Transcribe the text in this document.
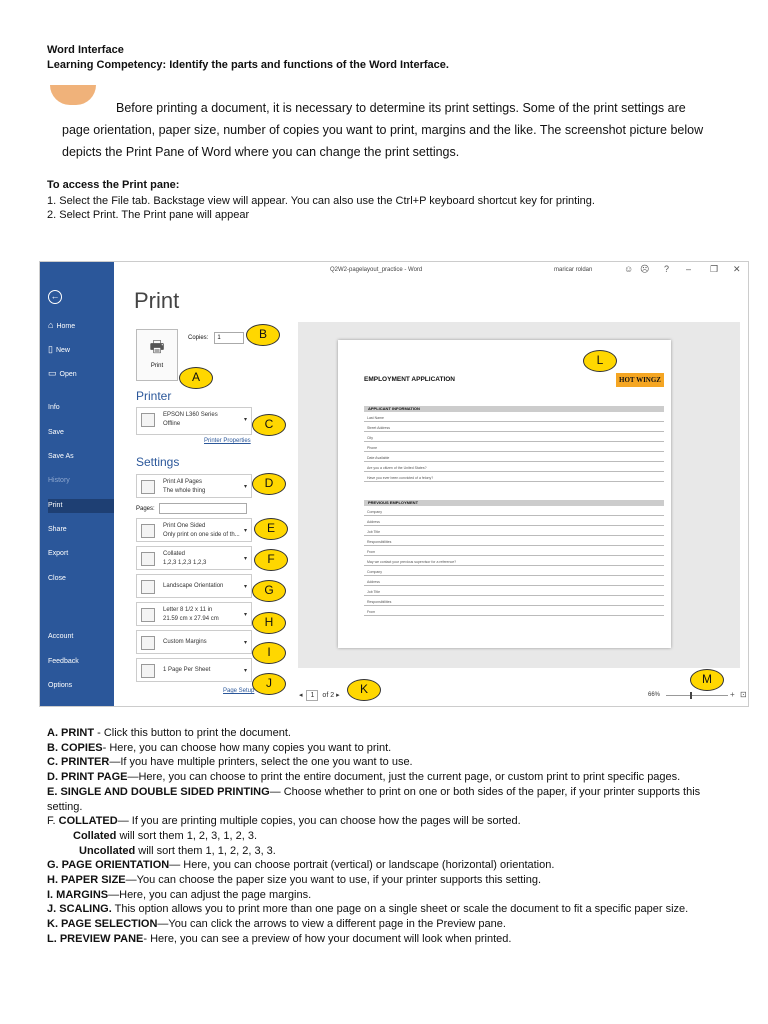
Word Interface
Learning Competency: Identify the parts and functions of the Word Interface.
Before printing a document, it is necessary to determine its print settings. Some of the print settings are page orientation, paper size, number of copies you want to print, margins and the like. The screenshot picture below depicts the Print Pane of Word where you can change the print settings.
To access the Print pane:
1. Select the File tab. Backstage view will appear. You can also use the Ctrl+P keyboard shortcut key for printing.
2. Select Print. The Print pane will appear
←
⌂ Home
▯ New
▭ Open
Info
Save
Save As
History
Print
Share
Export
Close
Account
Feedback
Options
Q2W2-pagelayout_practice - Word	maricar roldan	☺ ☹ ? – ❐ ✕
Print
🖶
Print
Copies: 1
Printer
EPSON L360 Series
Offline
▾
Printer Properties
Settings
Print All Pages
The whole thing
▾
Pages:
Print One Sided
Only print on one side of th...
▾
Collated
1,2,3 1,2,3 1,2,3
▾
Landscape Orientation	▾
Letter 8 1/2 x 11 in
21.59 cm x 27.94 cm
▾
Custom Margins	▾
1 Page Per Sheet	▾
Page Setup
EMPLOYMENT APPLICATION	HOT WINGZ
APPLICANT INFORMATION
Last Name
Street Address
City
Phone
Date Available
Are you a citizen of the United States?
Have you ever been convicted of a felony?
PREVIOUS EMPLOYMENT
Company
Address
Job Title
Responsibilities
From
May we contact your previous supervisor for a reference?
Company
Address
Job Title
Responsibilities
From
◂ 1 of 2 ▸	66%	+ ⊡
A
B
C
D
E
F
G
H
I
J	K
L
M
A. PRINT - Click this button to print the document.
B. COPIES- Here, you can choose how many copies you want to print.
C. PRINTER—If you have multiple printers, select the one you want to use.
D. PRINT PAGE—Here, you can choose to print the entire document, just the current page, or custom print to print specific pages.
E. SINGLE AND DOUBLE SIDED PRINTING— Choose whether to print on one or both sides of the paper, if your printer supports this setting.
F. COLLATED— If you are printing multiple copies, you can choose how the pages will be sorted.
Collated will sort them 1, 2, 3, 1, 2, 3.
Uncollated will sort them 1, 1, 2, 2, 3, 3.
G. PAGE ORIENTATION— Here, you can choose portrait (vertical) or landscape (horizontal) orientation.
H. PAPER SIZE—You can choose the paper size you want to use, if your printer supports this setting.
I. MARGINS—Here, you can adjust the page margins.
J. SCALING. This option allows you to print more than one page on a single sheet or scale the document to fit a specific paper size.
K. PAGE SELECTION—You can click the arrows to view a different page in the Preview pane.
L. PREVIEW PANE- Here, you can see a preview of how your document will look when printed.
